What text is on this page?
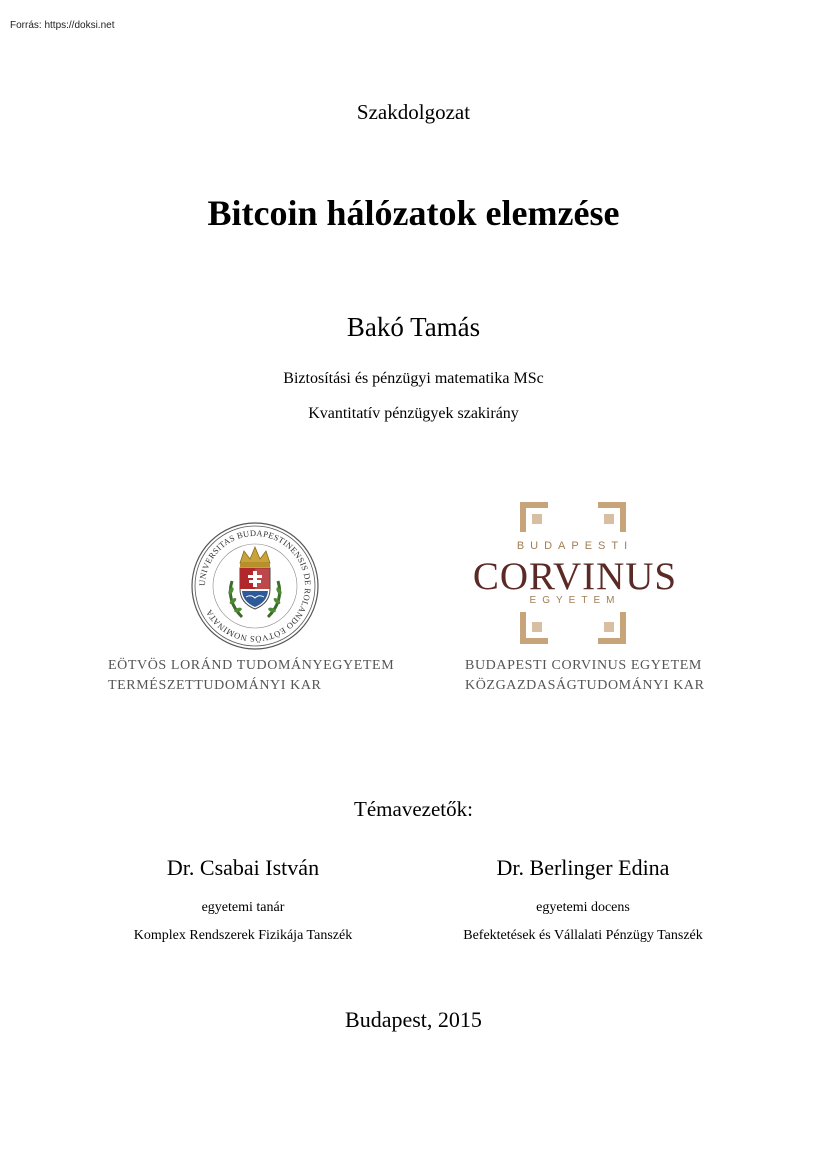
Forrás: https://doksi.net
Szakdolgozat
Bitcoin hálózatok elemzése
Bakó Tamás
Biztosítási és pénzügyi matematika MSc
Kvantitatív pénzügyek szakirány
UNIVERSITAS BUDAPESTINENSIS DE ROLANDO EÖTVÖS NOMINATA
EÖTVÖS LORÁND TUDOMÁNYEGYETEM
TERMÉSZETTUDOMÁNYI KAR
BUDAPESTI
CORVINUS
EGYETEM
BUDAPESTI CORVINUS EGYETEM
KÖZGAZDASÁGTUDOMÁNYI KAR
Témavezetők:
Dr. Csabai István
egyetemi tanár
Komplex Rendszerek Fizikája Tanszék
Dr. Berlinger Edina
egyetemi docens
Befektetések és Vállalati Pénzügy Tanszék
Budapest, 2015
